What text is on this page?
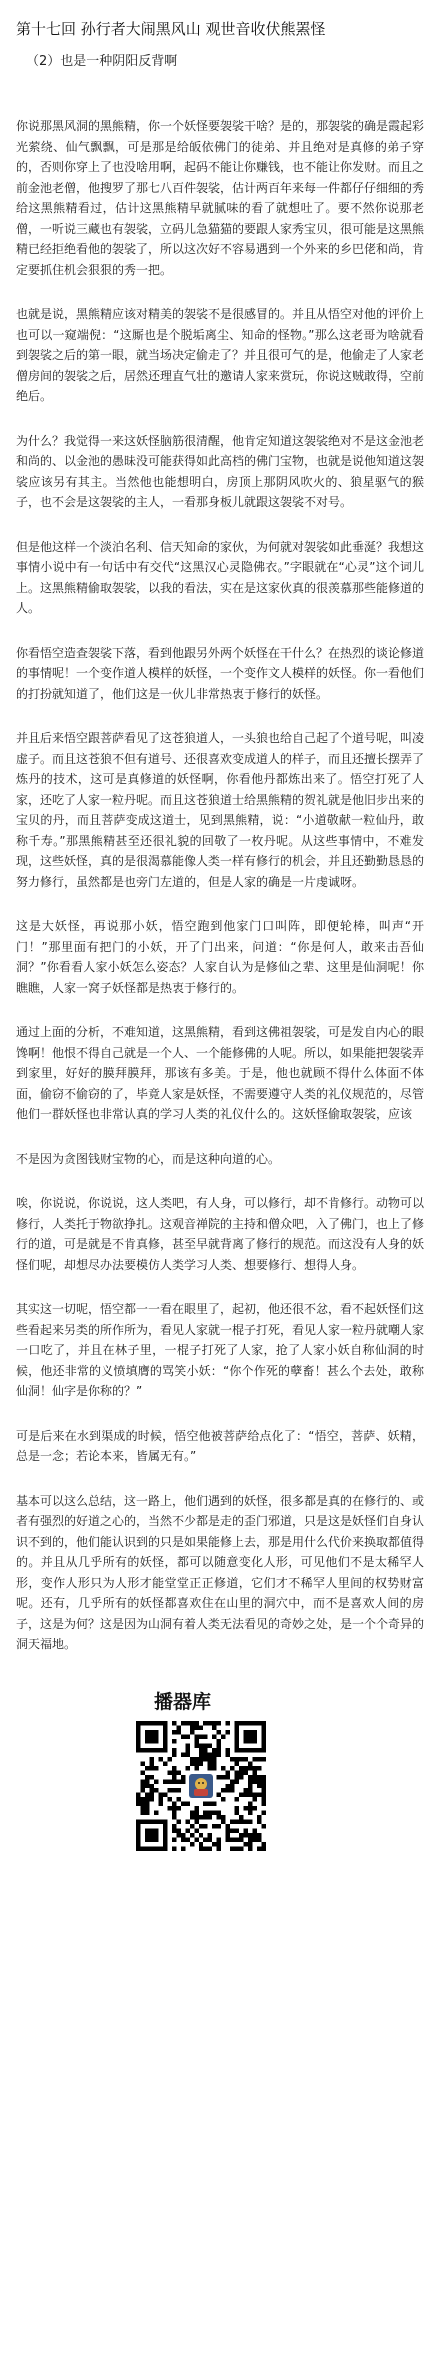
第十七回 孙行者大闹黑风山 观世音收伏熊罴怪
（2）也是一种阴阳反背啊

你说那黑风洞的黑熊精，你一个妖怪要袈裟干啥？是的，那袈裟的确是霞起彩光萦绕、仙气飘飘，可是那是给皈依佛门的徒弟、并且绝对是真修的弟子穿的，否则你穿上了也没啥用啊，起码不能让你赚钱，也不能让你发财。而且之前金池老僧，他搜罗了那七八百件袈裟，估计两百年来每一件都仔仔细细的秀给这黑熊精看过，估计这黑熊精早就腻味的看了就想吐了。要不然你说那老僧，一听说三藏也有袈裟，立码儿急猫猫的要跟人家秀宝贝，很可能是这黑熊精已经拒绝看他的袈裟了，所以这次好不容易遇到一个外来的乡巴佬和尚，肯定要抓住机会狠狠的秀一把。

也就是说，黑熊精应该对精美的袈裟不是很感冒的。并且从悟空对他的评价上也可以一窥端倪：“这厮也是个脱垢离尘、知命的怪物。”那么这老哥为啥就看到袈裟之后的第一眼，就当场决定偷走了？并且很可气的是，他偷走了人家老僧房间的袈裟之后，居然还理直气壮的邀请人家来赏玩，你说这贼敢得，空前绝后。

为什么？我觉得一来这妖怪脑筋很清醒，他肯定知道这袈裟绝对不是这金池老和尚的、以金池的愚昧没可能获得如此高档的佛门宝物，也就是说他知道这袈裟应该另有其主。当然他也能想明白，房顶上那阴风吹火的、狼星驱气的猴子，也不会是这袈裟的主人，一看那身板儿就跟这袈裟不对号。

但是他这样一个淡泊名利、信天知命的家伙，为何就对袈裟如此垂涎？我想这事情小说中有一句话中有交代“这黑汉心灵隐佛衣。”字眼就在“心灵”这个词儿上。这黑熊精偷取袈裟，以我的看法，实在是这家伙真的很羡慕那些能修道的人。

你看悟空造查袈裟下落，看到他跟另外两个妖怪在干什么？在热烈的谈论修道的事情呢！一个变作道人模样的妖怪，一个变作文人模样的妖怪。你一看他们的打扮就知道了，他们这是一伙儿非常热衷于修行的妖怪。

并且后来悟空跟菩萨看见了这苍狼道人，一头狼也给自己起了个道号呢，叫凌虚子。而且这苍狼不但有道号、还很喜欢变成道人的样子，而且还擅长摆弄了炼丹的技术，这可是真修道的妖怪啊，你看他丹都炼出来了。悟空打死了人家，还吃了人家一粒丹呢。而且这苍狼道士给黑熊精的贺礼就是他旧步出来的宝贝的丹，而且菩萨变成这道士，见到黑熊精，说：“小道敬献一粒仙丹，敢称千寿。”那黑熊精甚至还很礼貌的回敬了一枚丹呢。从这些事情中，不难发现，这些妖怪，真的是很渴慕能像人类一样有修行的机会，并且还勤勤恳恳的努力修行，虽然都是也旁门左道的，但是人家的确是一片虔诚呀。

这是大妖怪，再说那小妖，悟空跑到他家门口叫阵，即便轮棒，叫声“开门！”那里面有把门的小妖，开了门出来，问道：“你是何人，敢来击吾仙洞？”你看看人家小妖怎么姿态？人家自认为是修仙之辈、这里是仙洞呢！你瞧瞧，人家一窝子妖怪都是热衷于修行的。

通过上面的分析，不难知道，这黑熊精，看到这佛祖袈裟，可是发自内心的眼馋啊！他恨不得自己就是一个人、一个能修佛的人呢。所以，如果能把袈裟弄到家里，好好的膜拜膜拜，那该有多美。于是，他也就顾不得什么体面不体面，偷窃不偷窃的了，毕竟人家是妖怪，不需要遵守人类的礼仪规范的，尽管他们一群妖怪也非常认真的学习人类的礼仪什么的。这妖怪偷取袈裟，应该

不是因为贪图钱财宝物的心，而是这种向道的心。

唉，你说说，你说说，这人类吧，有人身，可以修行，却不肯修行。动物可以修行，人类托于物欲挣扎。这观音禅院的主持和僧众吧，入了佛门，也上了修行的道，可是就是不肯真修，甚至早就背离了修行的规范。而这没有人身的妖怪们呢，却想尽办法要模仿人类学习人类、想要修行、想得人身。

其实这一切呢，悟空都一一看在眼里了，起初，他还很不忿，看不起妖怪们这些看起来另类的所作所为，看见人家就一棍子打死，看见人家一粒丹就嘲人家一口吃了，并且在林子里，一棍子打死了人家，抢了人家小妖自称仙洞的时候，他还非常的义愤填膺的骂笑小妖：“你个作死的孽畜！甚么个去处，敢称仙洞！仙字是你称的？”

可是后来在水到渠成的时候，悟空他被菩萨给点化了：“悟空，菩萨、妖精，总是一念；若论本来，皆属无有。”

基本可以这么总结，这一路上，他们遇到的妖怪，很多都是真的在修行的、或者有强烈的好道之心的，当然不少都是走的歪门邪道，只是这是妖怪们自身认识不到的，他们能认识到的只是如果能修上去，那是用什么代价来换取都值得的。并且从几乎所有的妖怪，都可以随意变化人形，可见他们不是太稀罕人形，变作人形只为人形才能堂堂正正修道，它们才不稀罕人里间的权势财富呢。还有，几乎所有的妖怪都喜欢住在山里的洞穴中，而不是喜欢人间的房子，这是为何？这是因为山洞有着人类无法看见的奇妙之处，是一个个奇异的洞天福地。

播器库
